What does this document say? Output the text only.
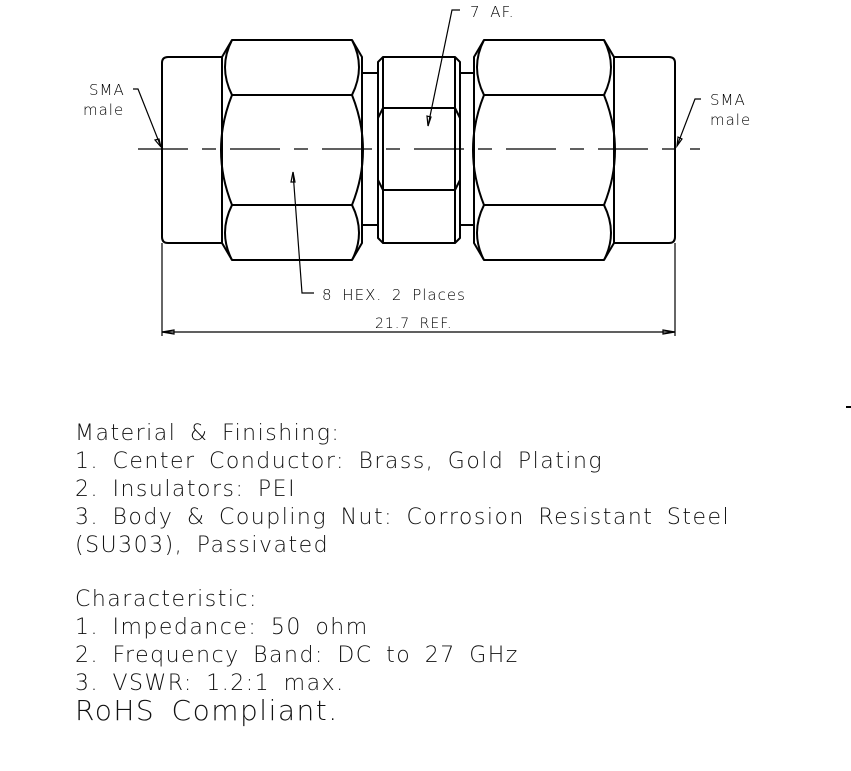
SMA
male
SMA
male
7 AF.
8 HEX. 2 Places
21.7 REF.
Material & Finishing:
1. Center Conductor: Brass, Gold Plating
2. Insulators: PEI
3. Body & Coupling Nut: Corrosion Resistant Steel
(SU303), Passivated
Characteristic:
1. Impedance: 50 ohm
2. Frequency Band: DC to 27 GHz
3. VSWR: 1.2:1 max.
RoHS Compliant.
